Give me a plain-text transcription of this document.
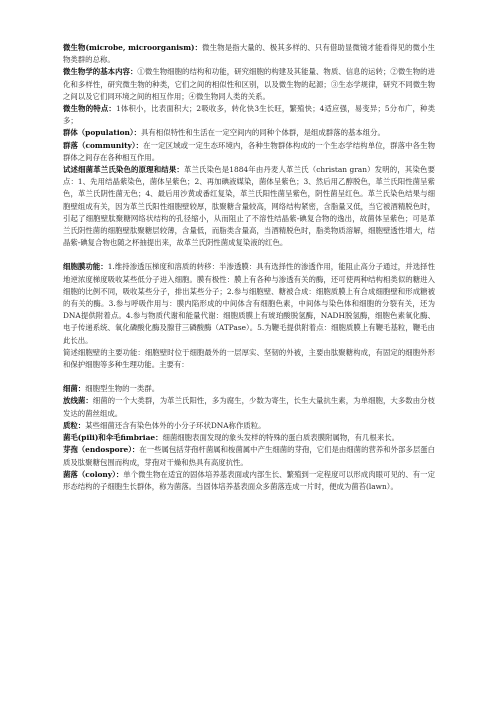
微生物(microbe, microorganism)：微生物是指大量的、极其多样的、只有借助显微镜才能看得见的微小生物类群的总称。

微生物学的基本内容：①微生物细胞的结构和功能，研究细胞的构建及其能量、物质、信息的运转；②微生物的进化和多样性，研究微生物的种类，它们之间的相似性和区别，以及微生物的起源；③生态学规律，研究不同微生物之间以及它们同环境之间的相互作用；④微生物同人类的关系。

微生物的特点：1体积小，比表面积大；2吸收多，转化快3生长旺，繁殖快；4适应强，易变异；5分布广，种类多；

群体（population）：具有相似特性和生活在一定空间内的同种个体群，是组成群落的基本组分。

群落（community）：在一定区域或一定生态环境内，各种生物群体构成的一个生态学结构单位，群落中各生物群体之间存在各种相互作用。

试述细菌革兰氏染色的原理和结果：革兰氏染色是1884年由丹麦人革兰氏（christan gran）发明的，其染色要点：1、先用结晶紫染色，菌体呈紫色；2、再加碘液媒染，菌体呈紫色；3、然后用乙醇脱色，革兰氏阳性菌呈紫色，革兰氏阴性菌无色；4、最后用沙黄或番红复染，革兰氏阳性菌呈紫色，阴性菌呈红色。革兰氏染色结果与细胞壁组成有关，因为革兰氏阳性细胞壁较厚，肽聚糖含量较高，网络结构紧密，含脂量又低，当它被酒精脱色时，引起了细胞壁肽聚糖网络状结构的孔径缩小，从而阻止了不溶性结晶紫-碘复合物的逸出，故菌体呈紫色；可是革兰氏阴性菌的细胞壁肽聚糖层较薄，含量低，而脂类含量高，当酒精脱色时，脂类物质溶解，细胞壁透性增大，结晶紫-碘复合物也随之杯抽提出来，故革兰氏阴性菌成复染液的红色。

细胞膜功能：1.维持渗透压梯度和溶质的转移：半渗透膜：具有选择性的渗透作用，能阻止高分子通过，并选择性地逆浓度梯度吸收某些低分子进入细胞。膜有极性：膜上有各种与渗透有关的酶，还可使两种结构相类似的糖进入细胞的比例不同，吸收某些分子，排出某些分子；2.参与细胞壁、糖被合成：细胞质膜上有合成细胞壁和形成糖被的有关的酶。3.参与呼吸作用与：膜内陷形成的中间体含有细胞色素，中间体与染色体和细胞的分裂有关，还为DNA提供附着点。4.参与物质代谢和能量代谢：细胞质膜上有琥珀酸脱氢酶，NADH脱氢酶，细胞色素氧化酶、电子传递系统、氧化磷酸化酶及腺苷三磷酸酶（ATPase）。5.为鞭毛提供附着点：细胞质膜上有鞭毛基粒，鞭毛由此长出。

简述细胞壁的主要功能：细胞壁时位于细胞最外的一层厚实、坚韧的外被，主要由肽聚糖构成，有固定的细胞外形和保护细胞等多种生理功能。主要有：

细菌：细胞型生物的一类群。

放线菌：细菌的一个大类群，为革兰氏阳性，多为腐生，少数为寄生，长生大量抗生素，为单细胞，大多数由分枝发达的菌丝组成。

质粒：某些细菌还含有染色体外的小分子环状DNA称作质粒。

菌毛(pili)和伞毛fimbriae：细菌细胞表面发现的象头发样的特殊的蛋白质表膜附属物，有几根来长。

芽孢（endospore）：在一些属包括芽孢杆菌属和梭菌属中产生细菌的芽孢，它们是由细菌的营养和外部多层蛋白质及肽聚糖包围而构成，芽孢对干燥和热具有高度抗性。

菌落（colony）：单个微生物在适宜的固体培养基表面或内部生长、繁殖到一定程度可以形成肉眼可见的、有一定形态结构的子细胞生长群体，称为菌落。当固体培养基表面众多菌落连成一片时，便成为菌苔(lawn）。
